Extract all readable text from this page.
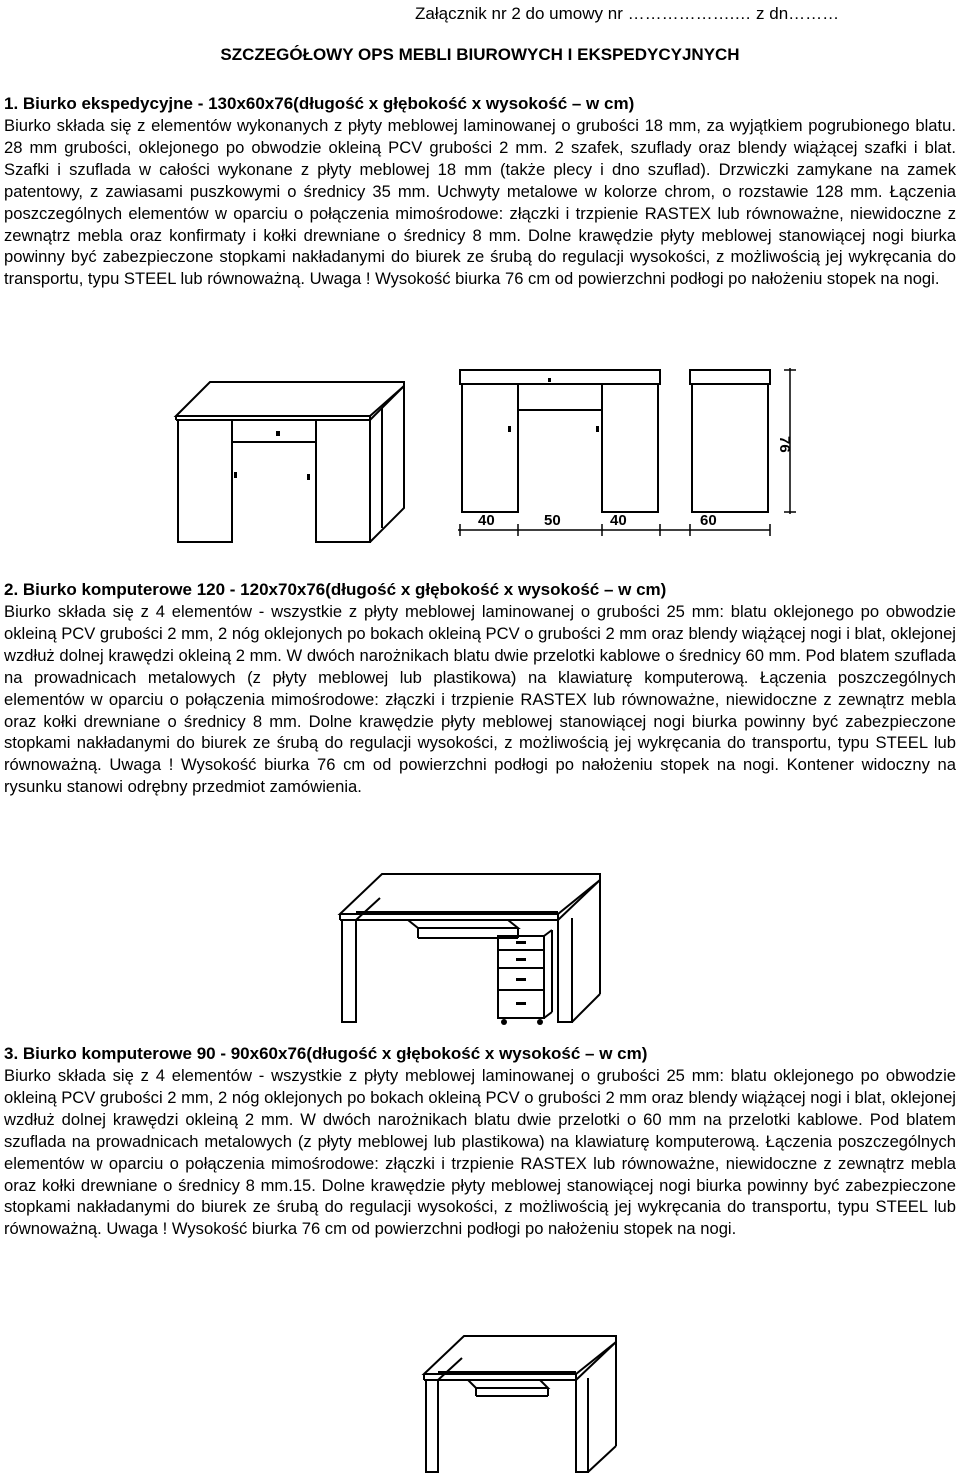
Załącznik nr 2 do umowy nr ……………….… z dn………
SZCZEGÓŁOWY OPS MEBLI BIUROWYCH I EKSPEDYCYJNYCH
1. Biurko ekspedycyjne - 130x60x76(długość x głębokość x wysokość – w cm)

Biurko składa się z elementów wykonanych z płyty meblowej laminowanej o grubości 18 mm, za wyjątkiem pogrubionego blatu. 28 mm grubości, oklejonego po obwodzie okleiną PCV grubości 2 mm. 2 szafek, szuflady oraz blendy wiążącej szafki i blat. Szafki i szuflada w całości wykonane z płyty meblowej 18 mm (także plecy i dno szuflad). Drzwiczki zamykane na zamek patentowy, z zawiasami puszkowymi o średnicy 35 mm. Uchwyty metalowe w kolorze chrom, o rozstawie 128 mm. Łączenia poszczególnych elementów w oparciu o połączenia mimośrodowe: złączki i trzpienie RASTEX lub równoważne, niewidoczne z zewnątrz mebla oraz konfirmaty i kołki drewniane o średnicy 8 mm. Dolne krawędzie płyty meblowej stanowiącej nogi biurka powinny być zabezpieczone stopkami nakładanymi do biurek ze śrubą do regulacji wysokości, z możliwością jej wykręcania do transportu, typu STEEL lub równoważną. Uwaga ! Wysokość biurka 76 cm od powierzchni podłogi po nałożeniu stopek na nogi.

40	50	40	60
76
2. Biurko komputerowe 120 - 120x70x76(długość x głębokość x wysokość – w cm)

Biurko składa się z 4 elementów - wszystkie z płyty meblowej laminowanej o grubości 25 mm: blatu oklejonego po obwodzie okleiną PCV grubości 2 mm, 2 nóg oklejonych po bokach okleiną PCV o grubości 2 mm oraz blendy wiążącej nogi i blat, oklejonej wzdłuż dolnej krawędzi okleiną 2 mm. W dwóch narożnikach blatu dwie przelotki kablowe o średnicy 60 mm. Pod blatem szuflada na prowadnicach metalowych (z płyty meblowej lub plastikowa) na klawiaturę komputerową. Łączenia poszczególnych elementów w oparciu o połączenia mimośrodowe: złączki i trzpienie RASTEX lub równoważne, niewidoczne z zewnątrz mebla oraz kołki drewniane o średnicy 8 mm. Dolne krawędzie płyty meblowej stanowiącej nogi biurka powinny być zabezpieczone stopkami nakładanymi do biurek ze śrubą do regulacji wysokości, z możliwością jej wykręcania do transportu, typu STEEL lub równoważną. Uwaga ! Wysokość biurka 76 cm od powierzchni podłogi po nałożeniu stopek na nogi. Kontener widoczny na rysunku stanowi odrębny przedmiot zamówienia.

3. Biurko komputerowe 90 - 90x60x76(długość x głębokość x wysokość – w cm)

Biurko składa się z 4 elementów - wszystkie z płyty meblowej laminowanej o grubości 25 mm: blatu oklejonego po obwodzie okleiną PCV grubości 2 mm, 2 nóg oklejonych po bokach okleiną PCV o grubości 2 mm oraz blendy wiążącej nogi i blat, oklejonej wzdłuż dolnej krawędzi okleiną 2 mm. W dwóch narożnikach blatu dwie przelotki o 60 mm na przelotki kablowe. Pod blatem szuflada na prowadnicach metalowych (z płyty meblowej lub plastikowa) na klawiaturę komputerową. Łączenia poszczególnych elementów w oparciu o połączenia mimośrodowe: złączki i trzpienie RASTEX lub równoważne, niewidoczne z zewnątrz mebla oraz kołki drewniane o średnicy 8 mm.15. Dolne krawędzie płyty meblowej stanowiącej nogi biurka powinny być zabezpieczone stopkami nakładanymi do biurek ze śrubą do regulacji wysokości, z możliwością jej wykręcania do transportu, typu STEEL lub równoważną. Uwaga ! Wysokość biurka 76 cm od powierzchni podłogi po nałożeniu stopek na nogi.
